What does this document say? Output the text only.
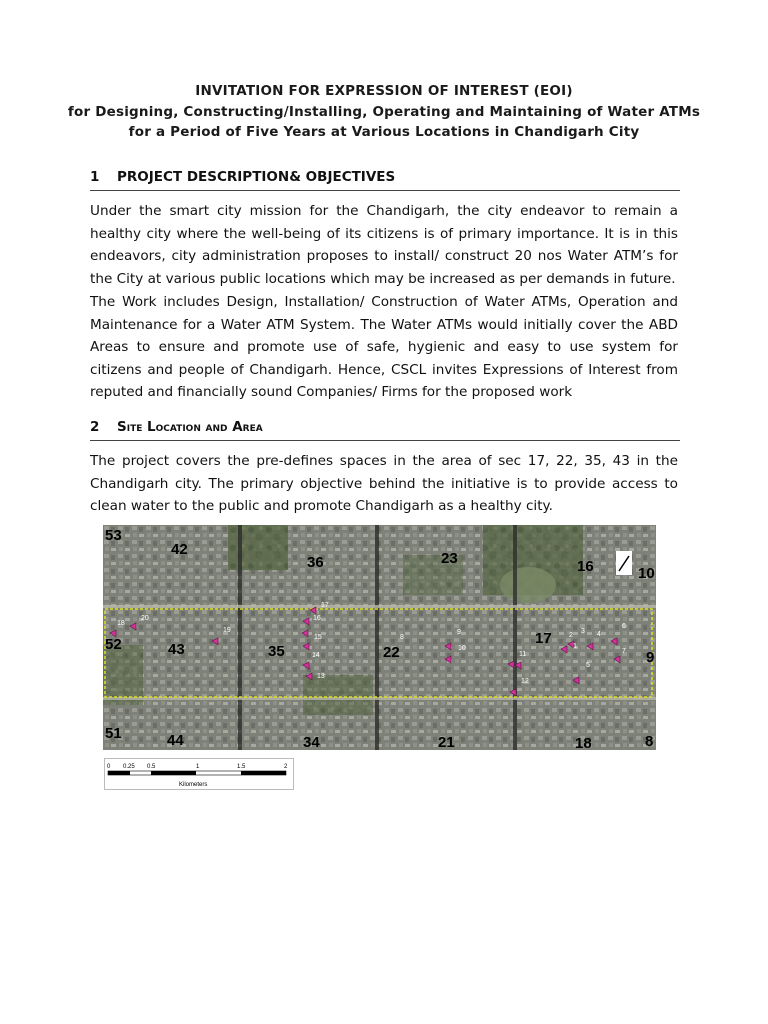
INVITATION FOR EXPRESSION OF INTEREST (EOI)
for Designing, Constructing/Installing, Operating and Maintaining of Water ATMs
for a Period of Five Years at Various Locations in Chandigarh City
1 PROJECT DESCRIPTION& OBJECTIVES
Under the smart city mission for the Chandigarh, the city endeavor to remain a healthy city where the well-being of its citizens is of primary importance. It is in this endeavors, city administration proposes to install/ construct 20 nos Water ATM’s for the City at various public locations which may be increased as per demands in future.
The Work includes Design, Installation/ Construction of Water ATMs, Operation and Maintenance for a Water ATM System. The Water ATMs would initially cover the ABD Areas to ensure and promote use of safe, hygienic and easy to use system for citizens and people of Chandigarh. Hence, CSCL invites Expressions of Interest from reputed and financially sound Companies/ Firms for the proposed work
2 Site Location and Area
The project covers the pre-defines spaces in the area of sec 17, 22, 35, 43 in the Chandigarh city. The primary objective behind the initiative is to provide access to clean water to the public and promote Chandigarh as a healthy city.
53
42
36	23	16	10
52	43	35	22
17
9
51	44	34	21	18	8
18
20
19
17
16
15
14
13
8
9
10
11
12
1
2
3 4
5
6
7
0 0.25 0.5	1	1.5	2
Kilometers
